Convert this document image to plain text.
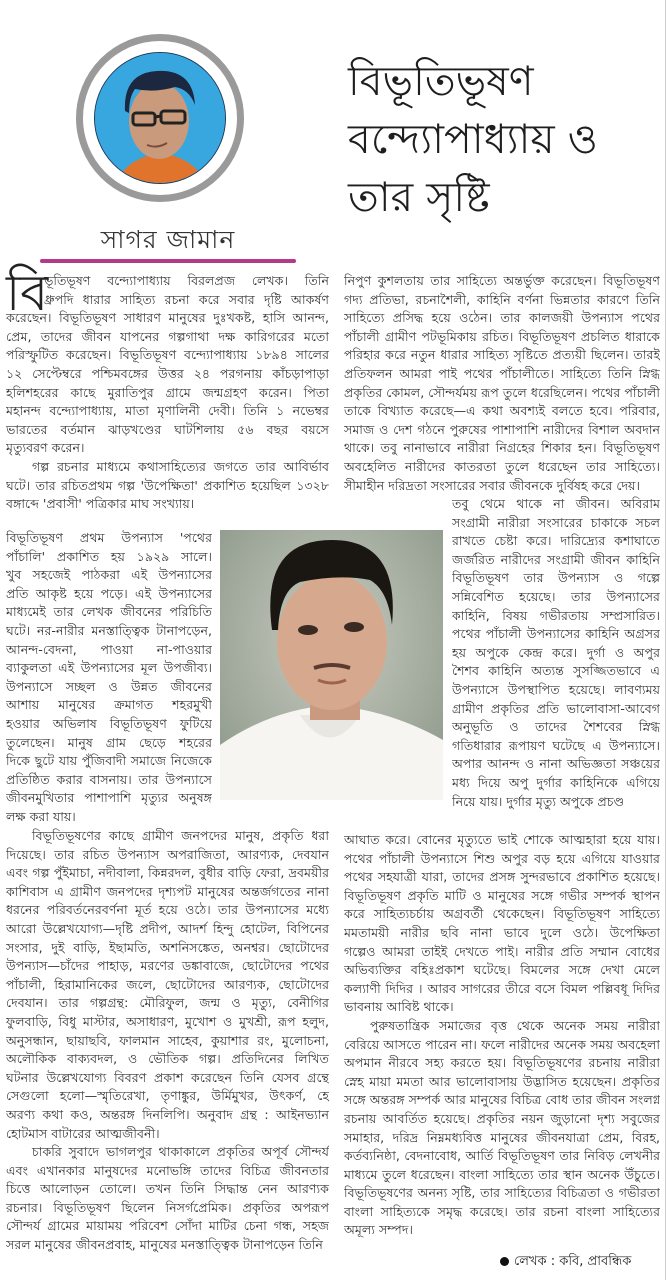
সাগর জামান
বিভূতিভূষণ
বন্দ্যোপাধ্যায় ও
তার সৃষ্টি
বি
ভূতিভূষণ বন্দ্যোপাধ্যায় বিরলপ্রজ লেখক। তিনি
ধ্রুপদি ধারার সাহিত্য রচনা করে সবার দৃষ্টি আকর্ষণ
করেছেন। বিভূতিভূষণ সাধারণ মানুষের দুঃখকষ্ট, হাসি আনন্দ,
প্রেম, তাদের জীবন যাপনের গল্পগাথা দক্ষ কারিগরের মতো
পরিস্ফুটিত করেছেন। বিভূতিভূষণ বন্দ্যোপাধ্যায় ১৮৯৪ সালের
১২ সেপ্টেম্বরে পশ্চিমবঙ্গের উত্তর ২৪ পরগনায় কাঁচড়াপাড়া
হলিশহরের কাছে মুরাতিপুর গ্রামে জন্মগ্রহণ করেন। পিতা
মহানন্দ বন্দ্যোপাধ্যায়, মাতা মৃণালিনী দেবী। তিনি ১ নভেম্বর
ভারতের বর্তমান ঝাড়খণ্ডের ঘাটশিলায় ৫৬ বছর বয়সে
মৃত্যুবরণ করেন।
গল্প রচনার মাধ্যমে কথাসাহিত্যের জগতে তার আবির্ভাব
ঘটে। তার রচিতপ্রথম গল্প 'উপেক্ষিতা' প্রকাশিত হয়েছিল ১৩২৮
বঙ্গাব্দে 'প্রবাসী' পত্রিকার মাঘ সংখ্যায়।
বিভূতিভূষণ প্রথম উপন্যাস 'পথের
পাঁচালি' প্রকাশিত হয় ১৯২৯ সালে।
খুব সহজেই পাঠকরা এই উপন্যাসের
প্রতি আকৃষ্ট হয়ে পড়ে। এই উপন্যাসের
মাধ্যমেই তার লেখক জীবনের পরিচিতি
ঘটে। নর-নারীর মনস্তাত্ত্বিক টানাপড়েন,
আনন্দ-বেদনা, পাওয়া না-পাওয়ার
ব্যাকুলতা এই উপন্যাসের মূল উপজীব্য।
উপন্যাসে সচ্ছল ও উন্নত জীবনের
আশায় মানুষের ক্রমাগত শহরমুখী
হওয়ার অভিলাষ বিভূতিভূষণ ফুটিয়ে
তুলেছেন। মানুষ গ্রাম ছেড়ে শহরের
দিকে ছুটে যায় পুঁজিবাদী সমাজে নিজেকে
প্রতিষ্ঠিত করার বাসনায়। তার উপন্যাসে
জীবনমুখিতার পাশাপাশি মৃত্যুর অনুষঙ্গ
লক্ষ করা যায়।
বিভূতিভূষণের কাছে গ্রামীণ জনপদের মানুষ, প্রকৃতি ধরা
দিয়েছে। তার রচিত উপন্যাস অপরাজিতা, আরণ্যক, দেবযান
এবং গল্প পুঁইমাচা, নদীবালা, কিন্নরদল, বুধীর বাড়ি ফেরা, দ্রবময়ীর
কাশিবাস এ গ্রামীণ জনপদের দৃশ্যপট মানুষের অন্তর্জগতের নানা
ধরনের পরিবর্তনেরবর্ণনা মূর্ত হয়ে ওঠে। তার উপন্যাসের মধ্যে
আরো উল্লেখযোগ্য—দৃষ্টি প্রদীপ, আদর্শ হিন্দু হোটেল, বিপিনের
সংসার, দুই বাড়ি, ইছামতি, অশনিসঙ্কেত, অনশ্বর। ছোটোদের
উপন্যাস—চাঁদের পাহাড়, মরণের ডঙ্কাবাজে, ছোটোদের পথের
পাঁচালী, হিরামানিকের জলে, ছোটোদের আরণ্যক, ছোটোদের
দেবযান। তার গল্পগ্রন্থ: মৌরিফুল, জন্ম ও মৃত্যু, বেনীগির
ফুলবাড়ি, বিধু মাস্টার, অসাধারণ, মুখোশ ও মুখশ্রী, রূপ হলুদ,
অনুসন্ধান, ছায়াছবি, ফালমান সাহেব, কুয়াশার রং, মুলোচনা,
অলৌকিক বাক্যবদল, ও ভৌতিক গল্প। প্রতিদিনের লিখিত
ঘটনার উল্লেখযোগ্য বিবরণ প্রকাশ করেছেন তিনি যেসব গ্রন্থে
সেগুলো হলো—স্মৃতিরেখা, তৃণাঙ্কুর, উর্মিমুখর, উৎকর্ণ, হে
অরণ্য কথা কও, অন্তরঙ্গ দিনলিপি। অনুবাদ গ্রন্থ : আইনভ্যান
হোটমাস বাটারের আত্মজীবনী।
চাকরি সুবাদে ভাগলপুর থাকাকালে প্রকৃতির অপূর্ব সৌন্দর্য
এবং এখানকার মানুষদের মনোভঙ্গি তাদের বিচিত্র জীবনতার
চিত্তে আলোড়ন তোলে। তখন তিনি সিদ্ধান্ত নেন আরণ্যক
রচনার। বিভূতিভূষণ ছিলেন নিসর্গপ্রেমিক। প্রকৃতির অপরূপ
সৌন্দর্য গ্রামের মায়াময় পরিবেশ সোঁদা মাটির চেনা গন্ধ, সহজ
সরল মানুষের জীবনপ্রবাহ, মানুষের মনস্তাত্ত্বিক টানাপড়েন তিনি
নিপুণ কুশলতায় তার সাহিত্যে অন্তর্ভুক্ত করেছেন। বিভূতিভূষণ
গদ্য প্রতিভা, রচনাশৈলী, কাহিনি বর্ণনা ভিন্নতার কারণে তিনি
সাহিত্যে প্রসিদ্ধ হয়ে ওঠেন। তার কালজয়ী উপন্যাস পথের
পাঁচালী গ্রামীণ পটভূমিকায় রচিত। বিভূতিভূষণ প্রচলিত ধারাকে
পরিহার করে নতুন ধারার সাহিত্য সৃষ্টিতে প্রত্যয়ী ছিলেন। তারই
প্রতিফলন আমরা পাই পথের পাঁচালীতে। সাহিত্যে তিনি স্নিগ্ধ
প্রকৃতির কোমল, সৌন্দর্যময় রূপ তুলে ধরেছিলেন। পথের পাঁচালী
তাকে বিখ্যাত করেছে—এ কথা অবশ্যই বলতে হবে। পরিবার,
সমাজ ও দেশ গঠনে পুরুষের পাশাপাশি নারীদের বিশাল অবদান
থাকে। তবু নানাভাবে নারীরা নিগ্রহের শিকার হন। বিভূতিভূষণ
অবহেলিত নারীদের কাতরতা তুলে ধরেছেন তার সাহিত্যে।
সীমাহীন দরিদ্রতা সংসারের সবার জীবনকে দুর্বিষহ করে দেয়।
তবু থেমে থাকে না জীবন। অবিরাম
সংগ্রামী নারীরা সংসারের চাকাকে সচল
রাখতে চেষ্টা করে। দারিদ্র্যের কশাঘাতে
জর্জরিত নারীদের সংগ্রামী জীবন কাহিনি
বিভূতিভূষণ তার উপন্যাস ও গল্পে
সন্নিবেশিত হয়েছে। তার উপন্যাসের
কাহিনি, বিষয় গভীরতায় সম্প্রসারিত।
পথের পাঁচালী উপন্যাসের কাহিনি অগ্রসর
হয় অপুকে কেন্দ্র করে। দুর্গা ও অপুর
শৈশব কাহিনি অত্যন্ত সুসজ্জিতভাবে এ
উপন্যাসে উপস্থাপিত হয়েছে। লাবণ্যময়
গ্রামীণ প্রকৃতির প্রতি ভালোবাসা-আবেগ
অনুভূতি ও তাদের শৈশবের স্নিগ্ধ
গতিধারার রূপায়ণ ঘটেছে এ উপন্যাসে।
অপার আনন্দ ও নানা অভিজ্ঞতা সঞ্চয়ের
মধ্য দিয়ে অপু দুর্গার কাহিনিকে এগিয়ে
নিয়ে যায়। দুর্গার মৃত্যু অপুকে প্রচণ্ড
আঘাত করে। বোনের মৃত্যুতে ভাই শোকে আত্মহারা হয়ে যায়।
পথের পাঁচালী উপন্যাসে শিশু অপুর বড় হয়ে এগিয়ে যাওয়ার
পথের সহযাত্রী যারা, তাদের প্রসঙ্গ সুন্দরভাবে প্রকাশিত হয়েছে।
বিভূতিভূষণ প্রকৃতি মাটি ও মানুষের সঙ্গে গভীর সম্পর্ক স্থাপন
করে সাহিত্যচর্চায় অগ্রবর্তী থেকেছেন। বিভূতিভূষণ সাহিত্যে
মমতাময়ী নারীর ছবি নানা ভাবে দুলে ওঠে। উপেক্ষিতা
গল্পেও আমরা তাইই দেখতে পাই। নারীর প্রতি সম্মান বোধের
অভিব্যক্তির বহিঃপ্রকাশ ঘটেছে। বিমলের সঙ্গে দেখা মেলে
কল্যাণী দিদির । আরব সাগরের তীরে বসে বিমল পল্লিবধূ দিদির
ভাবনায় আবিষ্ট থাকে।
পুরুষতান্ত্রিক সমাজের বৃত্ত থেকে অনেক সময় নারীরা
বেরিয়ে আসতে পারেন না। ফলে নারীদের অনেক সময় অবহেলা
অপমান নীরবে সহ্য করতে হয়। বিভূতিভূষণের রচনায় নারীরা
স্নেহ মায়া মমতা আর ভালোবাসায় উদ্ভাসিত হয়েছেন। প্রকৃতির
সঙ্গে অন্তরঙ্গ সম্পর্ক আর মানুষের বিচিত্র বোধ তার জীবন সংলগ্ন
রচনায় আবর্তিত হয়েছে। প্রকৃতির নয়ন জুড়ানো দৃশ্য সবুজের
সমাহার, দরিদ্র নিম্নমধ্যবিত্ত মানুষের জীবনযাত্রা প্রেম, বিরহ,
কর্তব্যনিষ্ঠা, বেদনাবোধ, আর্তি বিভূতিভূষণ তার নিবিড় লেখনীর
মাধ্যমে তুলে ধরেছেন। বাংলা সাহিত্যে তার স্থান অনেক উঁচুতে।
বিভূতিভূষণের অনন্য সৃষ্টি, তার সাহিত্যের বিচিত্রতা ও গভীরতা
বাংলা সাহিত্যকে সমৃদ্ধ করেছে। তার রচনা বাংলা সাহিত্যের
অমূল্য সম্পদ।
লেখক : কবি, প্রাবন্ধিক
